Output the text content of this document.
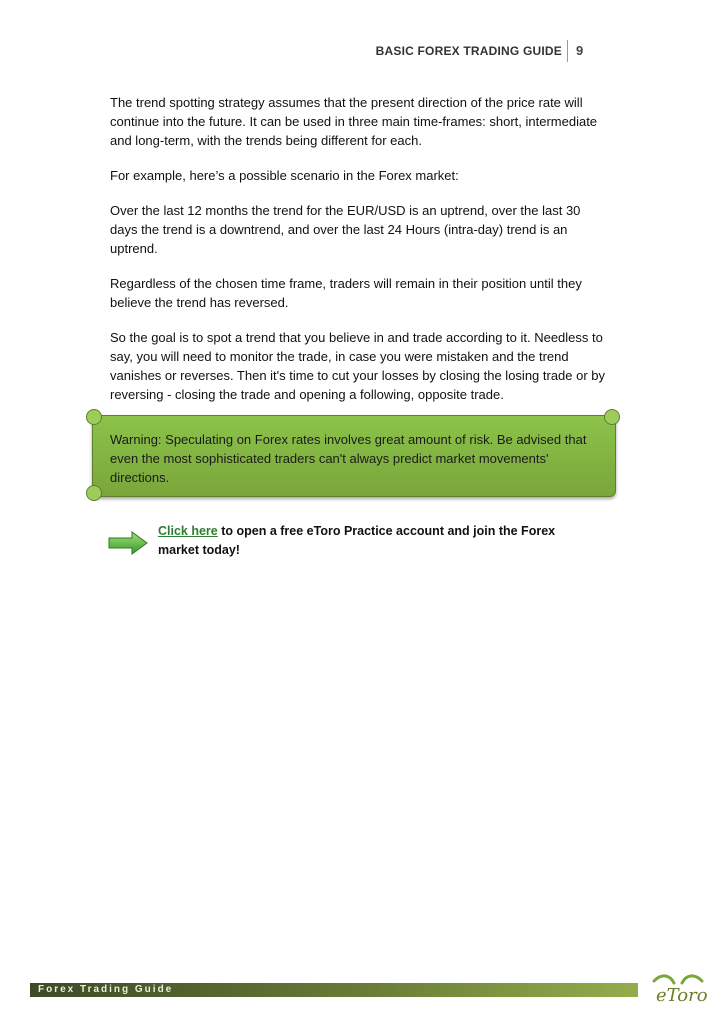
BASIC FOREX TRADING GUIDE 9

The trend spotting strategy assumes that the present direction of the price rate will continue into the future. It can be used in three main time-frames: short, intermediate and long-term, with the trends being different for each.

For example, here’s a possible scenario in the Forex market:

Over the last 12 months the trend for the EUR/USD is an uptrend, over the last 30 days the trend is a downtrend, and over the last 24 Hours (intra-day) trend is an uptrend.

Regardless of the chosen time frame, traders will remain in their position until they believe the trend has reversed.

So the goal is to spot a trend that you believe in and trade according to it. Needless to say, you will need to monitor the trade, in case you were mistaken and the trend vanishes or reverses. Then it's time to cut your losses by closing the losing trade or by reversing - closing the trade and opening a following, opposite trade.

Warning: Speculating on Forex rates involves great amount of risk. Be advised that even the most sophisticated traders can't always predict market movements' directions.
Click here to open a free eToro Practice account and join the Forex market today!
Forex Trading Guide	eToro
